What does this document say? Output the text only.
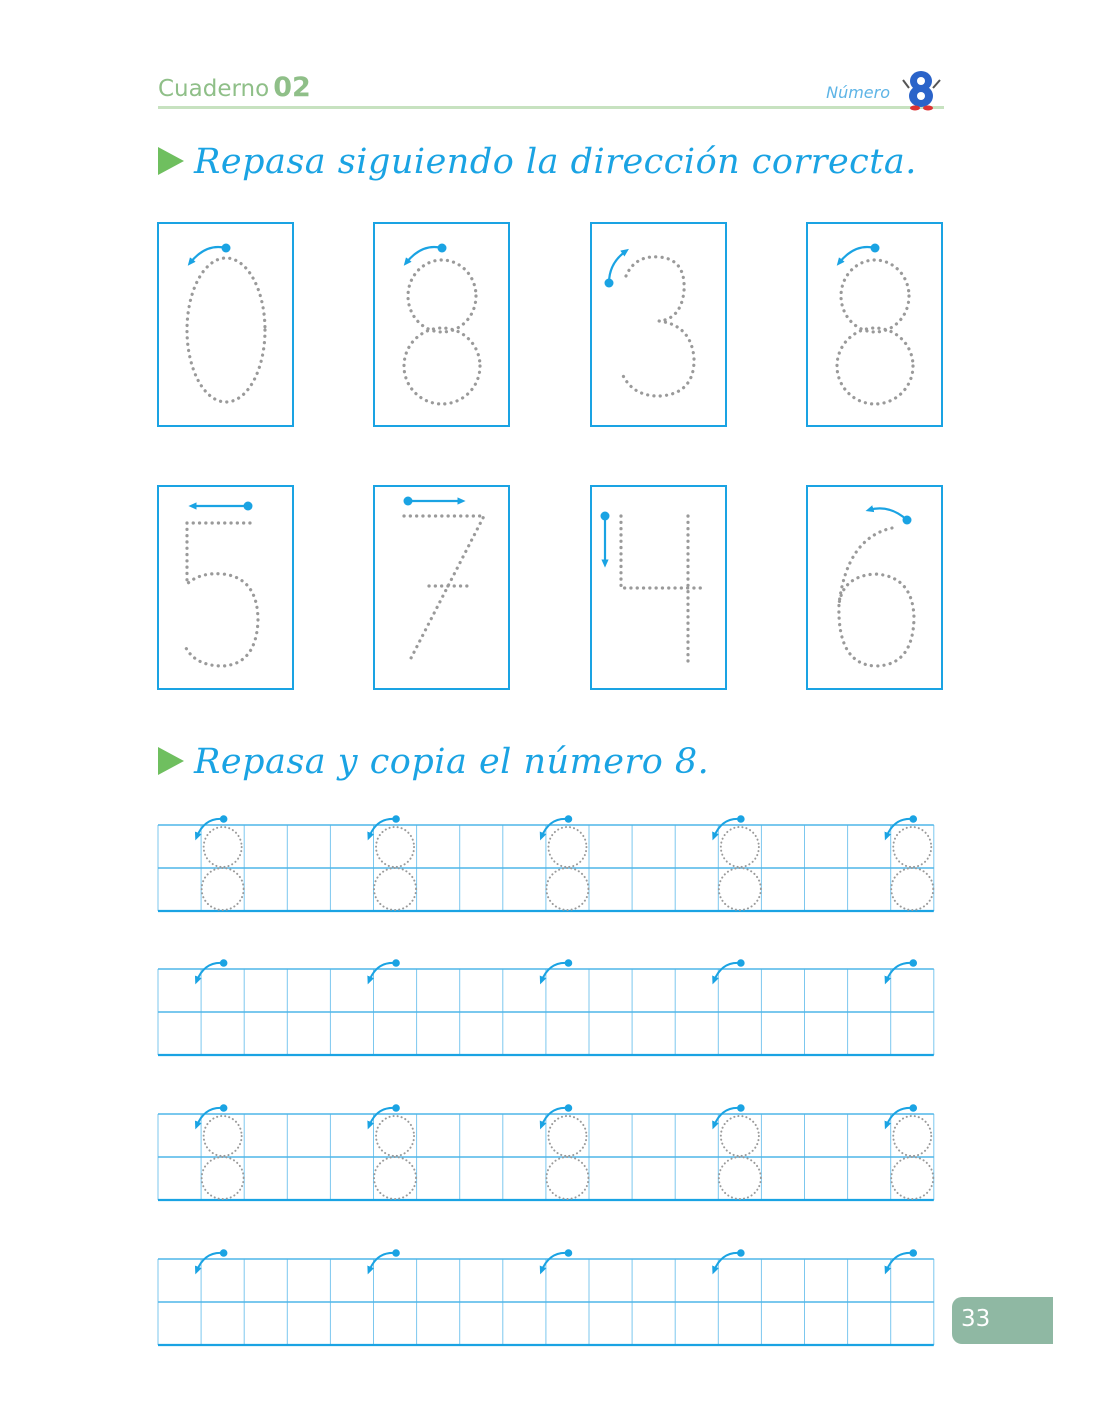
Cuaderno 02	Número
Repasa siguiendo la dirección correcta.
Repasa y copia el número 8.
33
